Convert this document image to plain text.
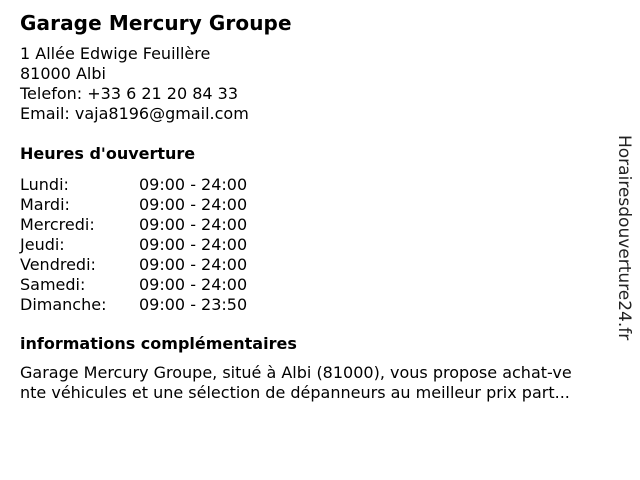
Garage Mercury Groupe
1 Allée Edwige Feuillère
81000 Albi
Telefon: +33 6 21 20 84 33
Email: vaja8196@gmail.com
Heures d'ouverture
Lundi:	09:00 - 24:00
Mardi:	09:00 - 24:00
Mercredi:	09:00 - 24:00
Jeudi:	09:00 - 24:00
Vendredi:	09:00 - 24:00
Samedi:	09:00 - 24:00
Dimanche:	09:00 - 23:50
informations complémentaires
Garage Mercury Groupe, situé à Albi (81000), vous propose achat-ve
nte véhicules et une sélection de dépanneurs au meilleur prix part...
Horairesdouverture24.fr
